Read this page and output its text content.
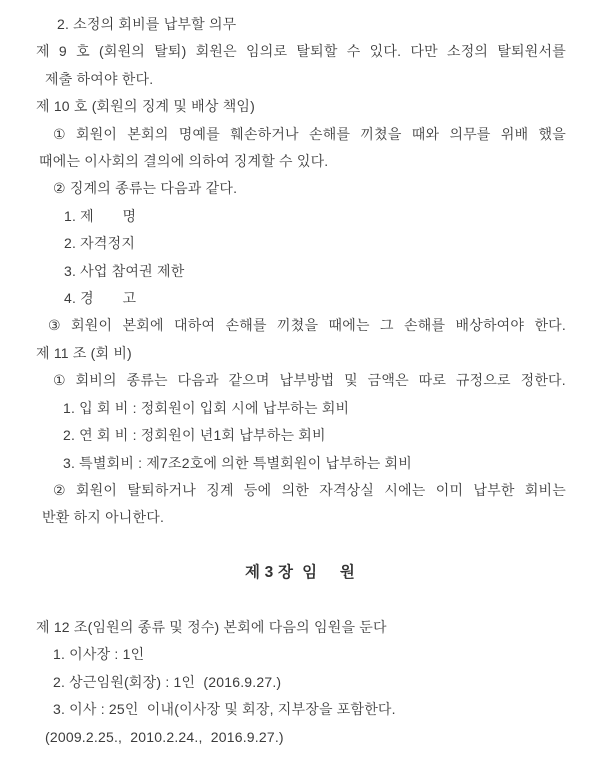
2. 소정의 회비를 납부할 의무
제 9 호 (회원의 탈퇴) 회원은 임의로 탈퇴할 수 있다. 다만 소정의 탈퇴원서를
제출 하여야 한다.
제 10 호 (회원의 징계 및 배상 책임)
① 회원이 본회의 명예를 훼손하거나 손해를 끼쳤을 때와 의무를 위배 했을
때에는 이사회의 결의에 의하여 징계할 수 있다.
② 징계의 종류는 다음과 같다.
1. 제       명
2. 자격정지
3. 사업 참여권 제한
4. 경       고
③ 회원이 본회에 대하여 손해를 끼쳤을 때에는 그 손해를 배상하여야 한다.
제 11 조 (회 비)
① 회비의 종류는 다음과 같으며 납부방법 및 금액은 따로 규정으로 정한다.
1. 입 회 비 : 정회원이 입회 시에 납부하는 회비
2. 연 회 비 : 정회원이 년1회 납부하는 회비
3. 특별회비 : 제7조2호에 의한 특별회원이 납부하는 회비
② 회원이 탈퇴하거나 징계 등에 의한 자격상실 시에는 이미 납부한 회비는
반환 하지 아니한다.
제 3 장  임     원
제 12 조(임원의 종류 및 정수) 본회에 다음의 임원을 둔다
1. 이사장 : 1인
2. 상근임원(회장) : 1인  (2016.9.27.)
3. 이사 : 25인  이내(이사장 및 회장, 지부장을 포함한다.
(2009.2.25.,  2010.2.24.,  2016.9.27.)
